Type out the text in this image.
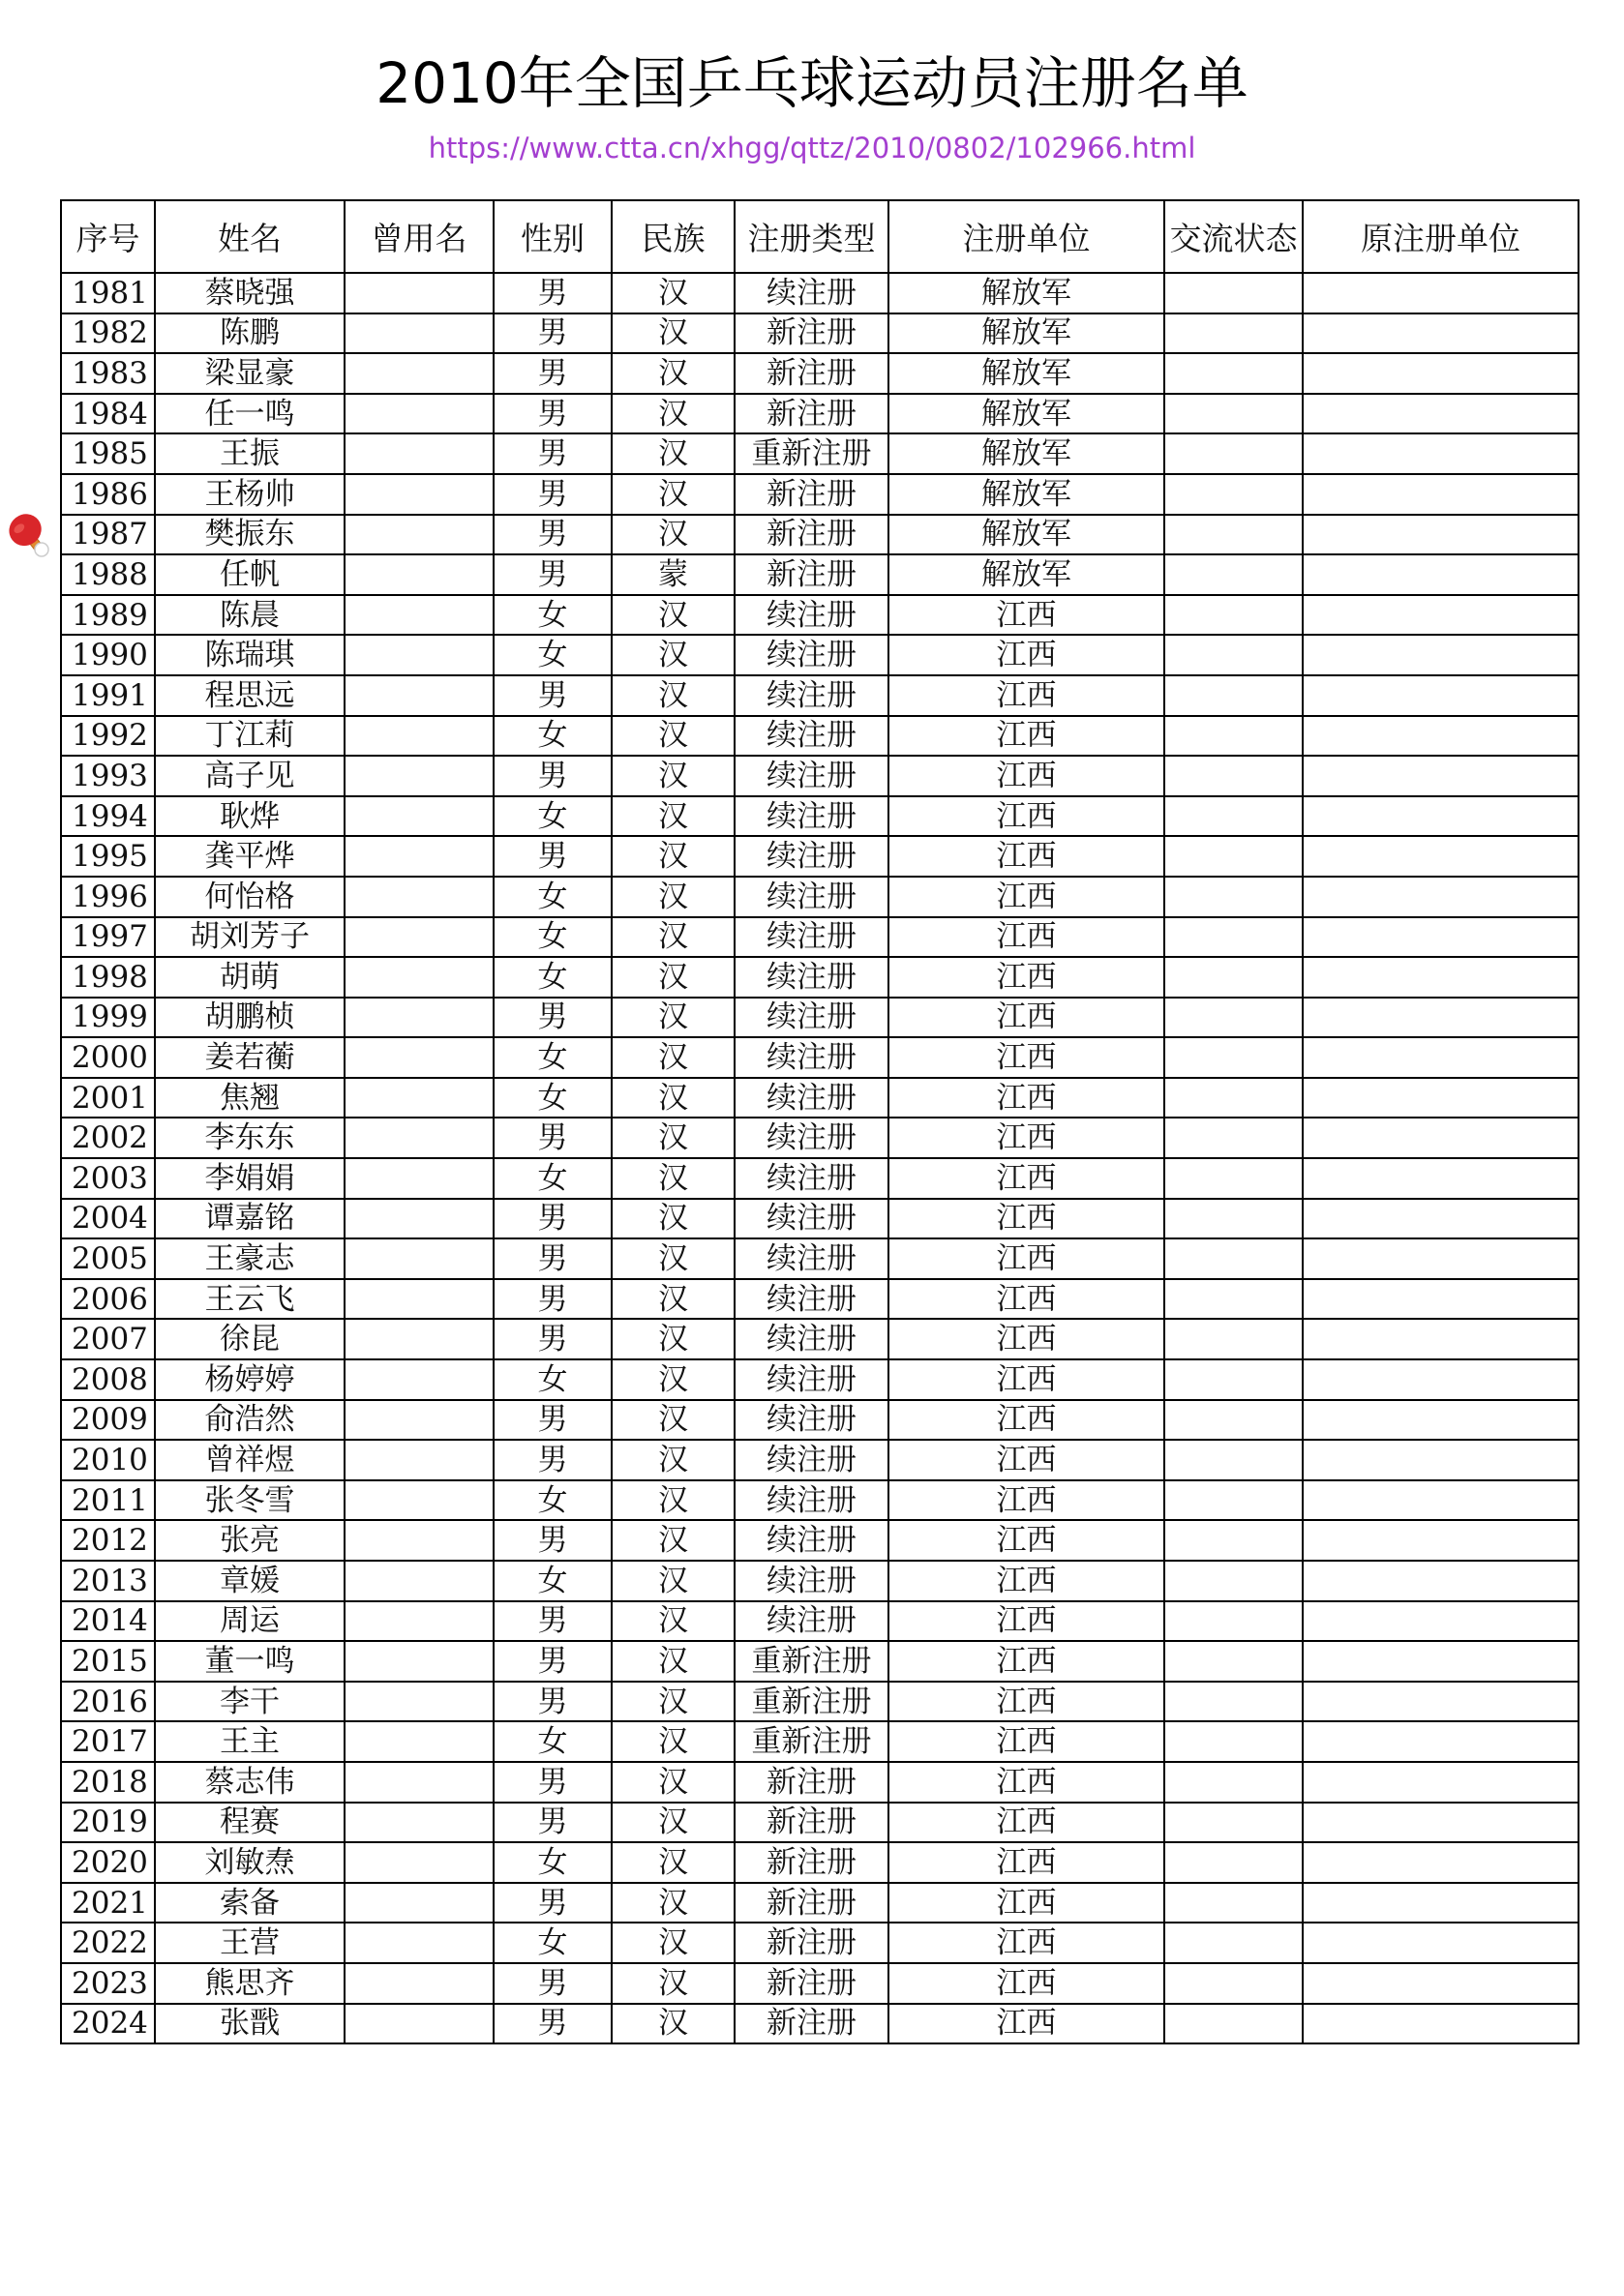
2010年全国乒乓球运动员注册名单
https://www.ctta.cn/xhgg/qttz/2010/0802/102966.html
序号	姓名	曾用名	性别	民族	注册类型	注册单位	交流状态	原注册单位
1981	蔡晓强		男	汉	续注册	解放军		
1982	陈鹏		男	汉	新注册	解放军		
1983	梁显豪		男	汉	新注册	解放军		
1984	任一鸣		男	汉	新注册	解放军		
1985	王振		男	汉	重新注册	解放军		
1986	王杨帅		男	汉	新注册	解放军		
1987	樊振东		男	汉	新注册	解放军		
1988	任帆		男	蒙	新注册	解放军		
1989	陈晨		女	汉	续注册	江西		
1990	陈瑞琪		女	汉	续注册	江西		
1991	程思远		男	汉	续注册	江西		
1992	丁江莉		女	汉	续注册	江西		
1993	高子见		男	汉	续注册	江西		
1994	耿烨		女	汉	续注册	江西		
1995	龚平烨		男	汉	续注册	江西		
1996	何怡格		女	汉	续注册	江西		
1997	胡刘芳子		女	汉	续注册	江西		
1998	胡萌		女	汉	续注册	江西		
1999	胡鹏桢		男	汉	续注册	江西		
2000	姜若蘅		女	汉	续注册	江西		
2001	焦翘		女	汉	续注册	江西		
2002	李东东		男	汉	续注册	江西		
2003	李娟娟		女	汉	续注册	江西		
2004	谭嘉铭		男	汉	续注册	江西		
2005	王豪志		男	汉	续注册	江西		
2006	王云飞		男	汉	续注册	江西		
2007	徐昆		男	汉	续注册	江西		
2008	杨婷婷		女	汉	续注册	江西		
2009	俞浩然		男	汉	续注册	江西		
2010	曾祥煜		男	汉	续注册	江西		
2011	张冬雪		女	汉	续注册	江西		
2012	张亮		男	汉	续注册	江西		
2013	章媛		女	汉	续注册	江西		
2014	周运		男	汉	续注册	江西		
2015	董一鸣		男	汉	重新注册	江西		
2016	李干		男	汉	重新注册	江西		
2017	王主		女	汉	重新注册	江西		
2018	蔡志伟		男	汉	新注册	江西		
2019	程赛		男	汉	新注册	江西		
2020	刘敏焘		女	汉	新注册	江西		
2021	索备		男	汉	新注册	江西		
2022	王营		女	汉	新注册	江西		
2023	熊思齐		男	汉	新注册	江西		
2024	张戬		男	汉	新注册	江西		
